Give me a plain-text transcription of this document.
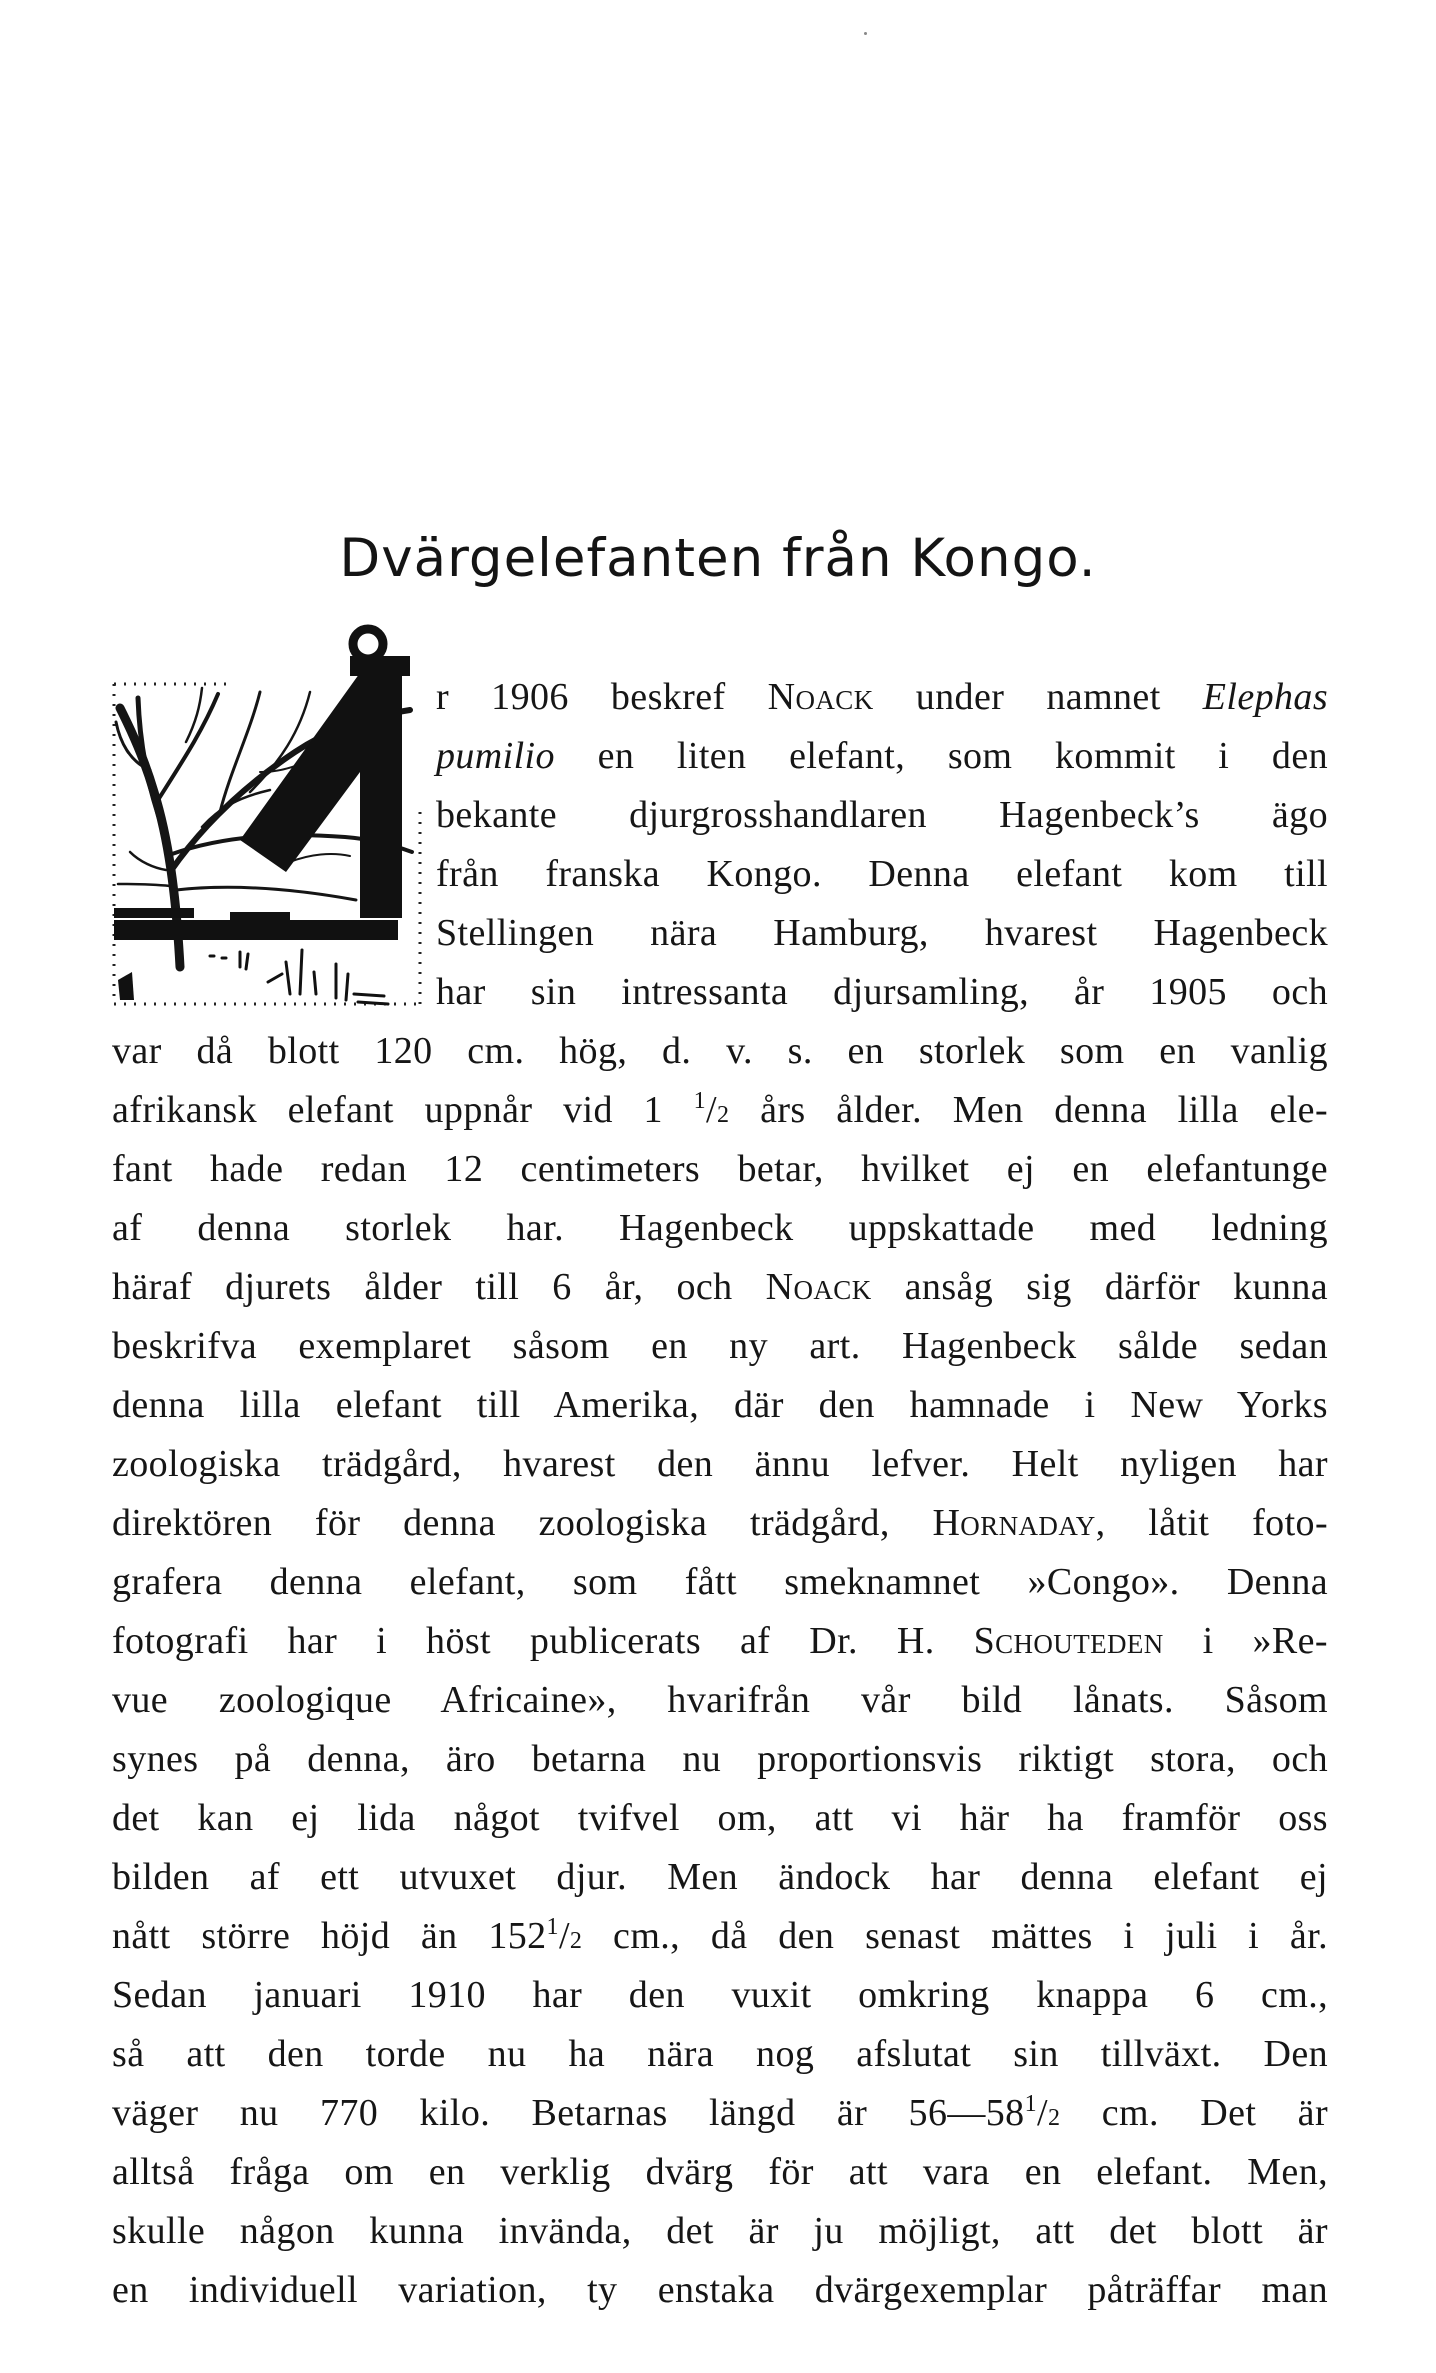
Dvärgelefanten från Kongo.
r 1906 beskref Noack under namnet Elephas
pumilio en liten elefant, som kommit i den
bekante djurgrosshandlaren Hagenbeck’s ägo
från franska Kongo. Denna elefant kom till
Stellingen nära Hamburg, hvarest Hagenbeck
har sin intressanta djursamling, år 1905 och
var då blott 120 cm. hög, d. v. s. en storlek som en vanlig
afrikansk elefant uppnår vid 1 $^1$/2 års ålder. Men denna lilla ele-
fant hade redan 12 centimeters betar, hvilket ej en elefantunge
af denna storlek har. Hagenbeck uppskattade med ledning
häraf djurets ålder till 6 år, och Noack ansåg sig därför kunna
beskrifva exemplaret såsom en ny art. Hagenbeck sålde sedan
denna lilla elefant till Amerika, där den hamnade i New Yorks
zoologiska trädgård, hvarest den ännu lefver. Helt nyligen har
direktören för denna zoologiska trädgård, Hornaday, låtit foto-
grafera denna elefant, som fått smeknamnet »Congo». Denna
fotografi har i höst publicerats af Dr. H. Schouteden i »Re-
vue zoologique Africaine», hvarifrån vår bild lånats. Såsom
synes på denna, äro betarna nu proportionsvis riktigt stora, och
det kan ej lida något tvifvel om, att vi här ha framför oss
bilden af ett utvuxet djur. Men ändock har denna elefant ej
nått större höjd än $152^1/2$ cm., då den senast mättes i juli i år.
Sedan januari 1910 har den vuxit omkring knappa 6 cm.,
så att den torde nu ha nära nog afslutat sin tillväxt. Den
väger nu 770 kilo. Betarnas längd är $56—58^1/2$ cm. Det är
alltså fråga om en verklig dvärg för att vara en elefant. Men,
skulle någon kunna invända, det är ju möjligt, att det blott är
en individuell variation, ty enstaka dvärgexemplar påträffar man
